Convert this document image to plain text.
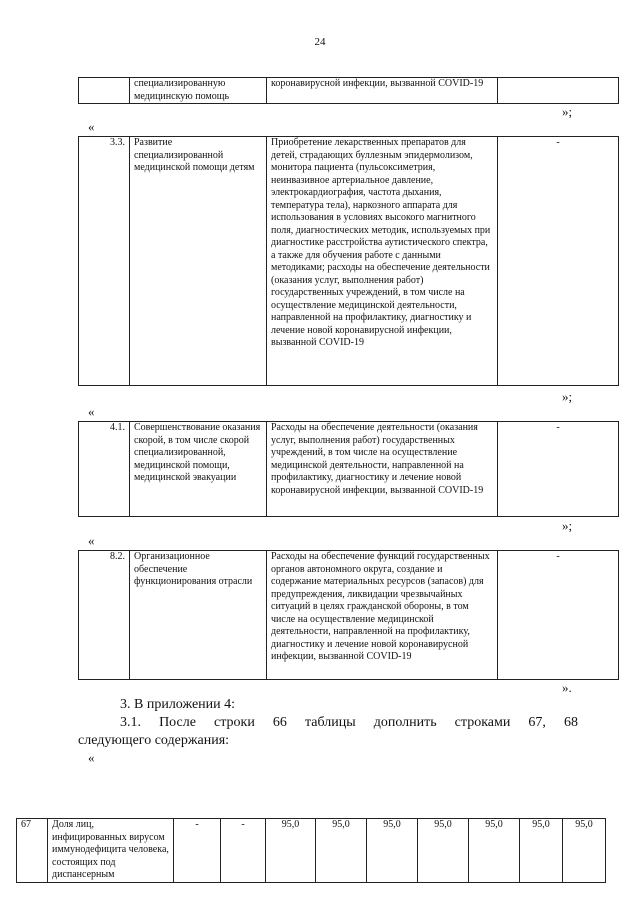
24
	специализированную медицинскую помощь	коронавирусной инфекции, вызванной COVID-19	
»;
«
3.3.	Развитие специализированной медицинской помощи детям	Приобретение лекарственных препаратов для детей, страдающих буллезным эпидермолизом, монитора пациента (пульсоксиметрия, неинвазивное артериальное давление, электрокардиография, частота дыхания, температура тела), наркозного аппарата для использования в условиях высокого магнитного поля, диагностических методик, используемых при диагностике расстройства аутистического спектра, а также для обучения работе с данными методиками; расходы на обеспечение деятельности (оказания услуг, выполнения работ) государственных учреждений, в том числе на осуществление медицинской деятельности, направленной на профилактику, диагностику и лечение новой коронавирусной инфекции, вызванной COVID-19	-
»;
«
4.1.	Совершенствование оказания скорой, в том числе скорой специализированной, медицинской помощи, медицинской эвакуации	Расходы на обеспечение деятельности (оказания услуг, выполнения работ) государственных учреждений, в том числе на осуществление медицинской деятельности, направленной на профилактику, диагностику и лечение новой коронавирусной инфекции, вызванной COVID-19	-
»;
«
8.2.	Организационное обеспечение функционирования отрасли	Расходы на обеспечение функций государственных органов автономного округа, создание и содержание материальных ресурсов (запасов) для предупреждения, ликвидации чрезвычайных ситуаций в целях гражданской обороны, в том числе на осуществление медицинской деятельности, направленной на профилактику, диагностику и лечение новой коронавирусной инфекции, вызванной COVID-19	-
».
3. В приложении 4:
3.1. После строки 66 таблицы дополнить строками 67, 68
следующего содержания:
«
67	Доля лиц, инфицированных вирусом иммунодефицита человека, состоящих под диспансерным	-	-	95,0	95,0	95,0	95,0	95,0	95,0	95,0
